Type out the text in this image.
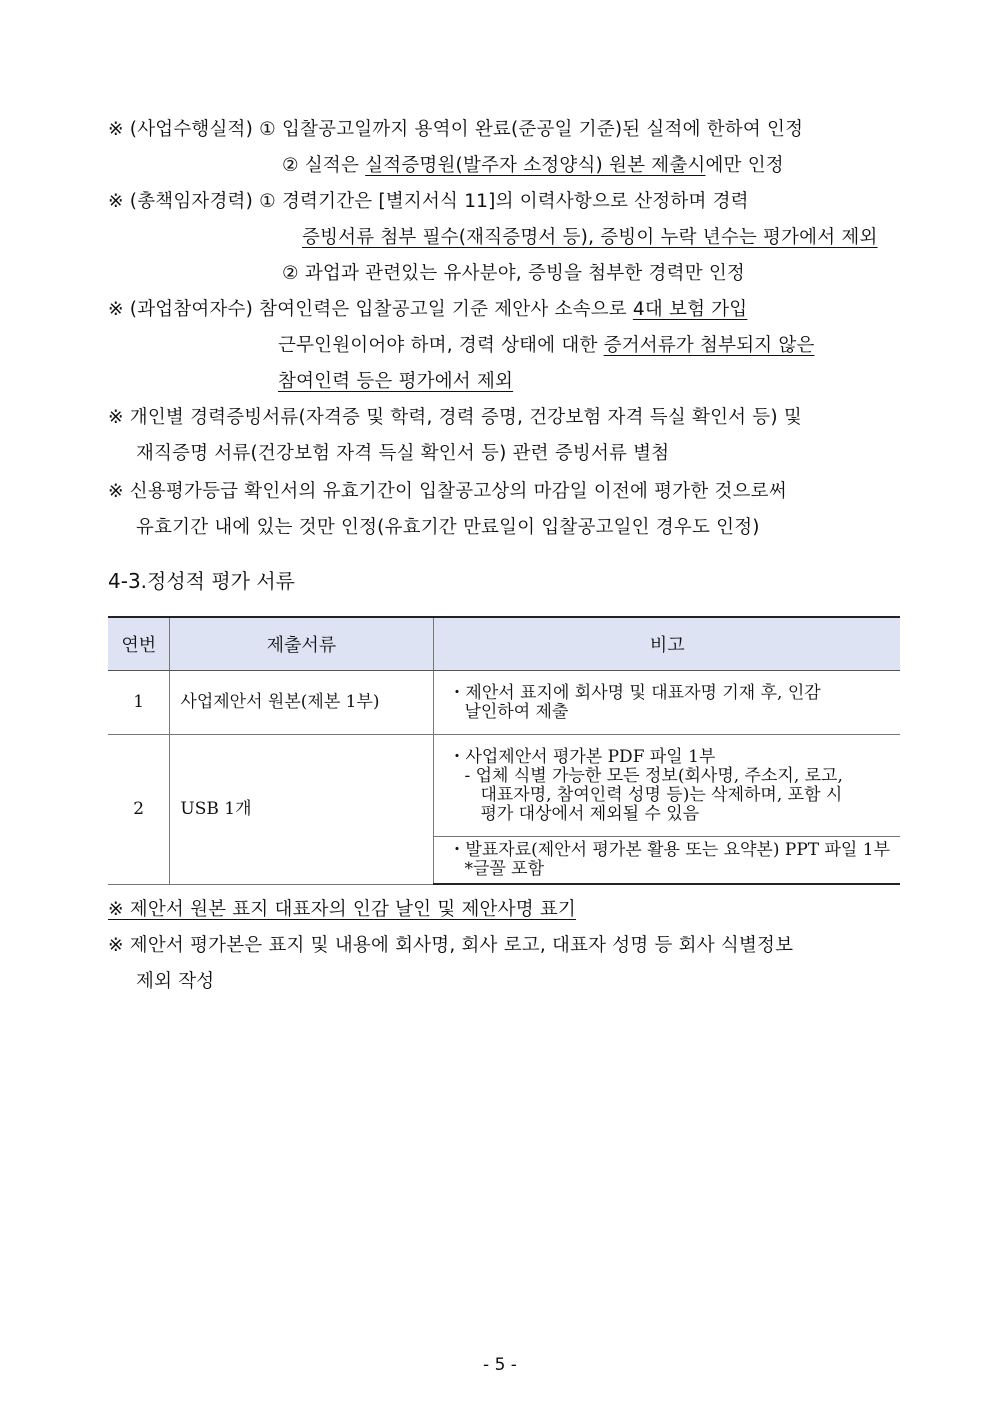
※ (사업수행실적) ① 입찰공고일까지 용역이 완료(준공일 기준)된 실적에 한하여 인정
② 실적은 실적증명원(발주자 소정양식) 원본 제출시에만 인정
※ (총책임자경력) ① 경력기간은 [별지서식 11]의 이력사항으로 산정하며 경력
증빙서류 첨부 필수(재직증명서 등), 증빙이 누락 년수는 평가에서 제외
② 과업과 관련있는 유사분야, 증빙을 첨부한 경력만 인정
※ (과업참여자수) 참여인력은 입찰공고일 기준 제안사 소속으로 4대 보험 가입
근무인원이어야 하며, 경력 상태에 대한 증거서류가 첨부되지 않은
참여인력 등은 평가에서 제외
※ 개인별 경력증빙서류(자격증 및 학력, 경력 증명, 건강보험 자격 득실 확인서 등) 및
재직증명 서류(건강보험 자격 득실 확인서 등) 관련 증빙서류 별첨
※ 신용평가등급 확인서의 유효기간이 입찰공고상의 마감일 이전에 평가한 것으로써
유효기간 내에 있는 것만 인정(유효기간 만료일이 입찰공고일인 경우도 인정)
4-3.정성적 평가 서류
연번	제출서류	비고
1	사업제안서 원본(제본 1부)	・제안서 표지에 회사명 및 대표자명 기재 후, 인감
날인하여 제출

2	USB 1개	・사업제안서 평가본 PDF 파일 1부
- 업체 식별 가능한 모든 정보(회사명, 주소지, 로고,
대표자명, 참여인력 성명 등)는 삭제하며, 포함 시
평가 대상에서 제외될 수 있음

		・발표자료(제안서 평가본 활용 또는 요약본) PPT 파일 1부
*글꼴 포함
※ 제안서 원본 표지 대표자의 인감 날인 및 제안사명 표기
※ 제안서 평가본은 표지 및 내용에 회사명, 회사 로고, 대표자 성명 등 회사 식별정보
제외 작성
- 5 -
